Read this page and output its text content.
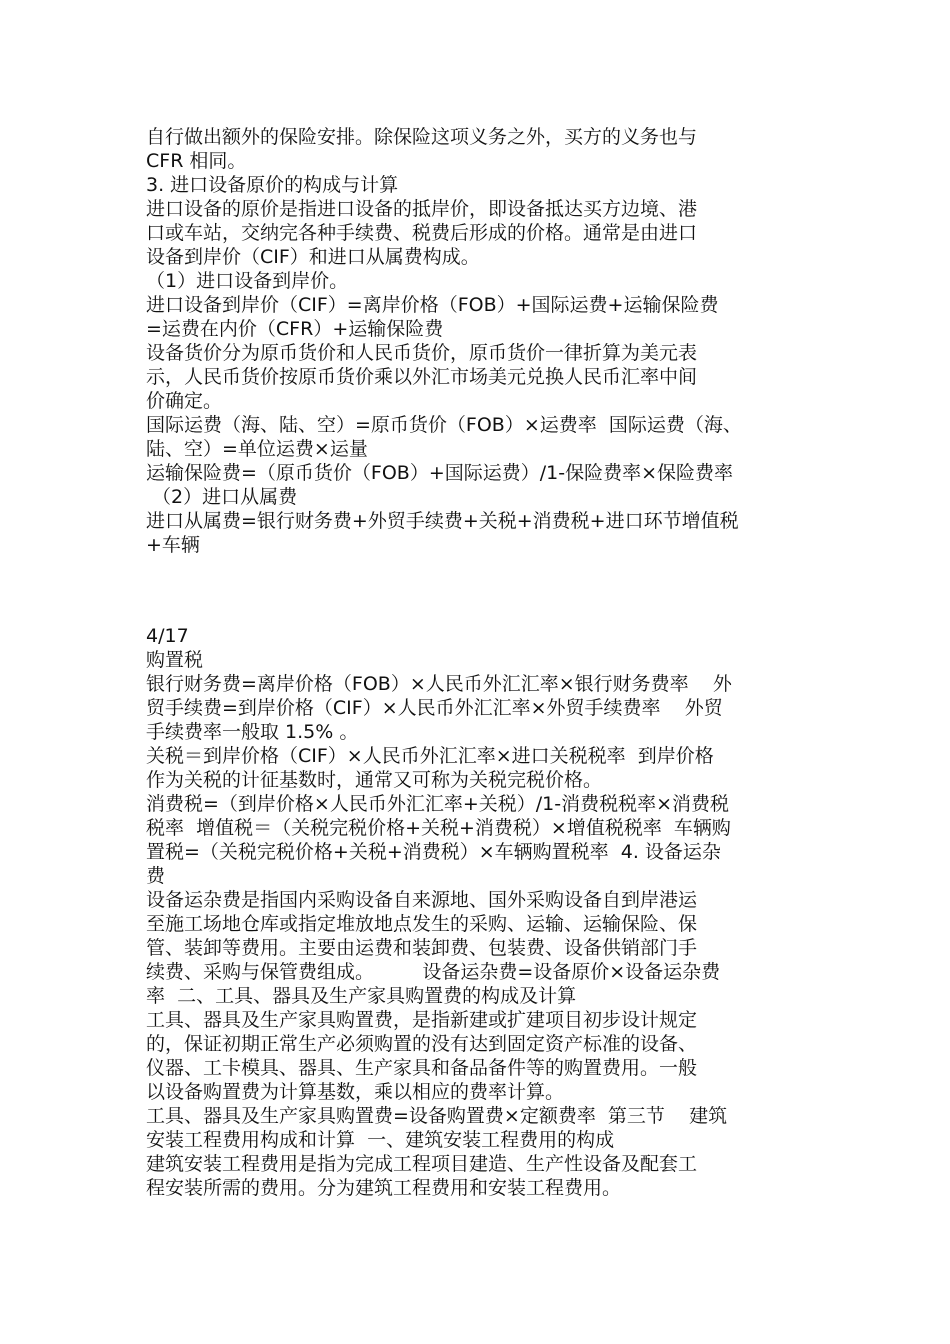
自行做出额外的保险安排。除保险这项义务之外，买方的义务也与
CFR 相同。
3. 进口设备原价的构成与计算
进口设备的原价是指进口设备的抵岸价，即设备抵达买方边境、港
口或车站，交纳完各种手续费、税费后形成的价格。通常是由进口
设备到岸价（CIF）和进口从属费构成。
（1）进口设备到岸价。
进口设备到岸价（CIF）=离岸价格（FOB）+国际运费+运输保险费
=运费在内价（CFR）+运输保险费
设备货价分为原币货价和人民币货价，原币货价一律折算为美元表
示，人民币货价按原币货价乘以外汇市场美元兑换人民币汇率中间
价确定。
国际运费（海、陆、空）=原币货价（FOB）×运费率  国际运费（海、
陆、空）=单位运费×运量
运输保险费=（原币货价（FOB）+国际运费）/1-保险费率×保险费率
（2）进口从属费
进口从属费=银行财务费+外贸手续费+关税+消费税+进口环节增值税
+车辆
4/17
购置税
银行财务费=离岸价格（FOB）×人民币外汇汇率×银行财务费率    外
贸手续费=到岸价格（CIF）×人民币外汇汇率×外贸手续费率    外贸
手续费率一般取 1.5% 。
关税＝到岸价格（CIF）×人民币外汇汇率×进口关税税率  到岸价格
作为关税的计征基数时，通常又可称为关税完税价格。
消费税=（到岸价格×人民币外汇汇率+关税）/1-消费税税率×消费税
税率  增值税＝（关税完税价格+关税+消费税）×增值税税率  车辆购
置税=（关税完税价格+关税+消费税）×车辆购置税率  4. 设备运杂
费
设备运杂费是指国内采购设备自来源地、国外采购设备自到岸港运
至施工场地仓库或指定堆放地点发生的采购、运输、运输保险、保
管、装卸等费用。主要由运费和装卸费、包装费、设备供销部门手
续费、采购与保管费组成。        设备运杂费=设备原价×设备运杂费
率  二、工具、器具及生产家具购置费的构成及计算
工具、器具及生产家具购置费，是指新建或扩建项目初步设计规定
的，保证初期正常生产必须购置的没有达到固定资产标准的设备、
仪器、工卡模具、器具、生产家具和备品备件等的购置费用。一般
以设备购置费为计算基数，乘以相应的费率计算。
工具、器具及生产家具购置费=设备购置费×定额费率  第三节    建筑
安装工程费用构成和计算  一、建筑安装工程费用的构成
建筑安装工程费用是指为完成工程项目建造、生产性设备及配套工
程安装所需的费用。分为建筑工程费用和安装工程费用。
